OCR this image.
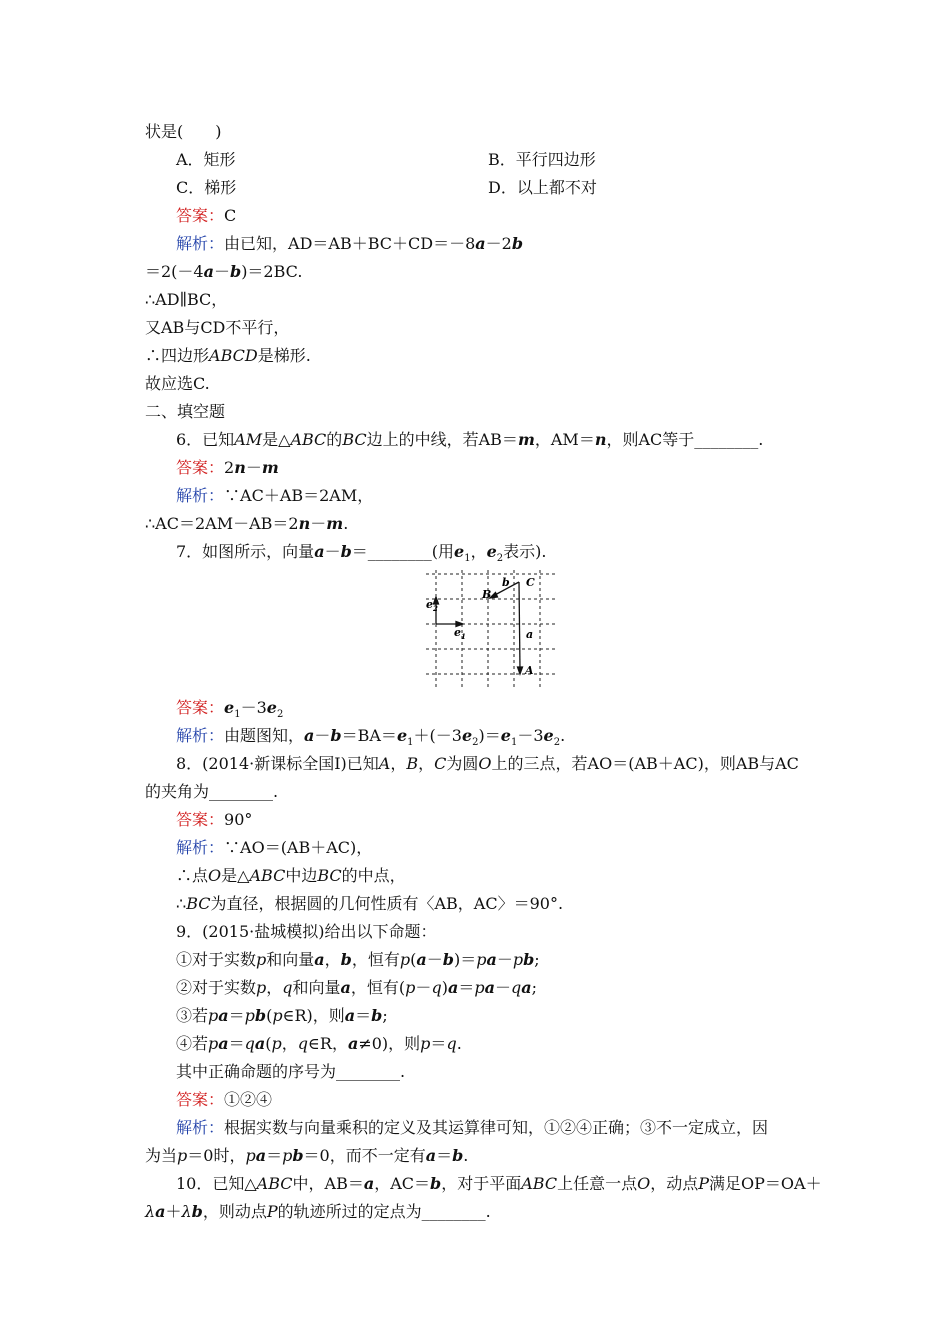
状是(　　)
A．矩形	B．平行四边形
C．梯形	D．以上都不对
答案：C
解析：由已知，AD＝AB＋BC＋CD＝－8a－2b
＝2(－4a－b)＝2BC.
∴AD∥BC，
又AB与CD不平行，
∴四边形ABCD是梯形.
故应选C.
二、填空题
6．已知AM是△ABC的BC边上的中线，若AB＝m，AM＝n，则AC等于________.
答案：2n－m
解析：∵AC＋AB＝2AM，
∴AC＝2AM－AB＝2n－m.
7．如图所示，向量a－b＝________(用$e_1$，$e_2$表示).
B
C
A
b
a
$e_2$
$e_1$
答案：$e_1-3e_2$
解析：由题图知，$a-b=BA=e_1+(-3e_2)=e_1-3e_2$.
8．(2014·新课标全国Ⅰ)已知A，B，C为圆O上的三点，若AO＝(AB＋AC)，则AB与AC
的夹角为________.
答案：90°
解析：∵AO＝(AB＋AC)，
∴点O是△ABC中边BC的中点，
∴BC为直径，根据圆的几何性质有〈AB，AC〉＝90°.
9．(2015·盐城模拟)给出以下命题：
①对于实数p和向量a，b，恒有p(a－b)＝pa－pb;
②对于实数p，q和向量a，恒有(p－q)a＝pa－qa;
③若pa＝pb(p∈R)，则a＝b;
④若pa＝qa(p，q∈R，a≠0)，则p＝q.
其中正确命题的序号为________.
答案：①②④
解析：根据实数与向量乘积的定义及其运算律可知，①②④正确；③不一定成立，因
为当p＝0时，pa＝pb＝0，而不一定有a＝b.
10．已知△ABC中，AB＝a，AC＝b，对于平面ABC上任意一点O，动点P满足OP＝OA＋
λa＋λb，则动点P的轨迹所过的定点为________.
